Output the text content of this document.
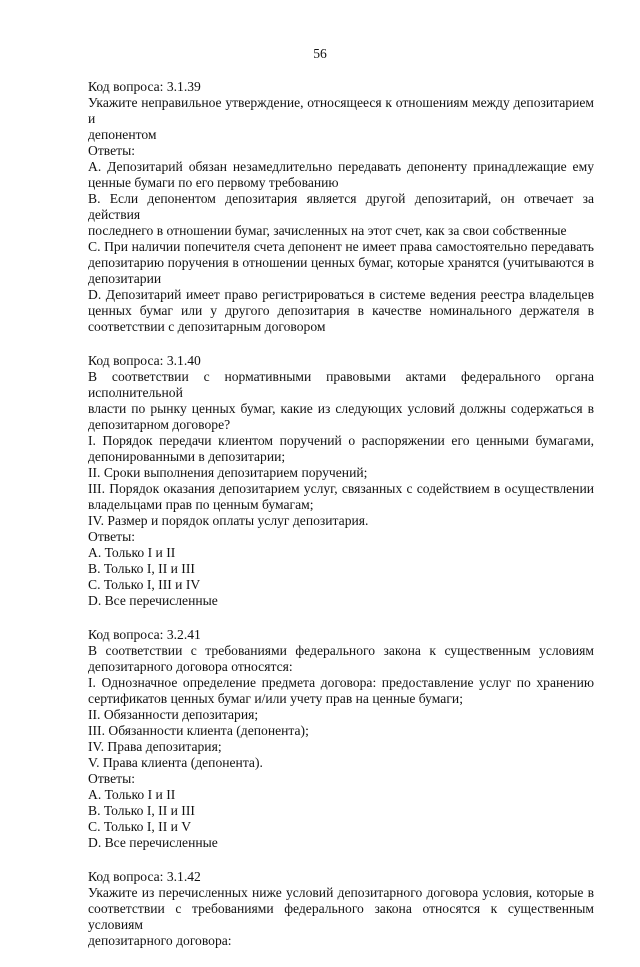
56
Код вопроса: 3.1.39
Укажите неправильное утверждение, относящееся к отношениям между депозитарием и
депонентом
Ответы:
А. Депозитарий обязан незамедлительно передавать депоненту принадлежащие ему
ценные бумаги по его первому требованию
В. Если депонентом депозитария является другой депозитарий, он отвечает за действия
последнего в отношении бумаг, зачисленных на этот счет, как за свои собственные
С. При наличии попечителя счета депонент не имеет права самостоятельно передавать
депозитарию поручения в отношении ценных бумаг, которые хранятся (учитываются в
депозитарии
D. Депозитарий имеет право регистрироваться в системе ведения реестра владельцев
ценных бумаг или у другого депозитария в качестве номинального держателя в
соответствии с депозитарным договором
Код вопроса: 3.1.40
В соответствии с нормативными правовыми актами федерального органа исполнительной
власти по рынку ценных бумаг, какие из следующих условий должны содержаться в
депозитарном договоре?
I. Порядок передачи клиентом поручений о распоряжении его ценными бумагами,
депонированными в депозитарии;
II. Сроки выполнения депозитарием поручений;
III. Порядок оказания депозитарием услуг, связанных с содействием в осуществлении
владельцами прав по ценным бумагам;
IV. Размер и порядок оплаты услуг депозитария.
Ответы:
А. Только I и II
В. Только I, II и III
С. Только I, III и IV
D. Все перечисленные
Код вопроса: 3.2.41
В соответствии с требованиями федерального закона к существенным условиям
депозитарного договора относятся:
I. Однозначное определение предмета договора: предоставление услуг по хранению
сертификатов ценных бумаг и/или учету прав на ценные бумаги;
II. Обязанности депозитария;
III. Обязанности клиента (депонента);
IV. Права депозитария;
V. Права клиента (депонента).
Ответы:
А. Только I и II
В. Только I, II и III
С. Только I, II и V
D. Все перечисленные
Код вопроса: 3.1.42
Укажите из перечисленных ниже условий депозитарного договора условия, которые в
соответствии с требованиями федерального закона относятся к существенным условиям
депозитарного договора:
